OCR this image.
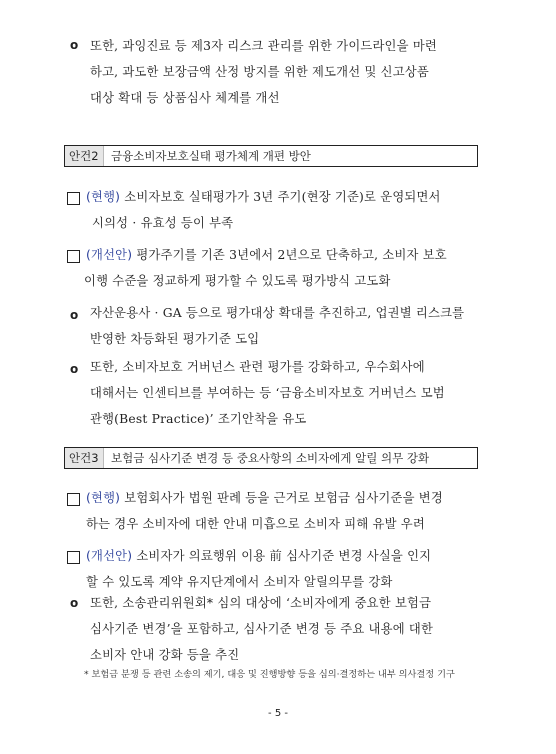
o 또한, 과잉진료 등 제3자 리스크 관리를 위한 가이드라인을 마련
하고, 과도한 보장금액 산정 방지를 위한 제도개선 및 신고상품
대상 확대 등 상품심사 체계를 개선
안건2	금융소비자보호실태 평가체계 개편 방안
(현행) 소비자보호 실태평가가 3년 주기(현장 기준)로 운영되면서
시의성 · 유효성 등이 부족
(개선안) 평가주기를 기존 3년에서 2년으로 단축하고, 소비자 보호
이행 수준을 정교하게 평가할 수 있도록 평가방식 고도화
o 자산운용사 · GA 등으로 평가대상 확대를 추진하고, 업권별 리스크를
반영한 차등화된 평가기준 도입
o 또한, 소비자보호 거버넌스 관련 평가를 강화하고, 우수회사에
대해서는 인센티브를 부여하는 등 ‘금융소비자보호 거버넌스 모범
관행(Best Practice)’ 조기안착을 유도
안건3	보험금 심사기준 변경 등 중요사항의 소비자에게 알릴 의무 강화
(현행) 보험회사가 법원 판례 등을 근거로 보험금 심사기준을 변경
하는 경우 소비자에 대한 안내 미흡으로 소비자 피해 유발 우려
(개선안) 소비자가 의료행위 이용 前 심사기준 변경 사실을 인지
할 수 있도록 계약 유지단계에서 소비자 알릴의무를 강화
o 또한, 소송관리위원회* 심의 대상에 ‘소비자에게 중요한 보험금
심사기준 변경’을 포함하고, 심사기준 변경 등 주요 내용에 대한
소비자 안내 강화 등을 추진
* 보험금 분쟁 등 관련 소송의 제기, 대응 및 진행방향 등을 심의·결정하는 내부 의사결정 기구
- 5 -
